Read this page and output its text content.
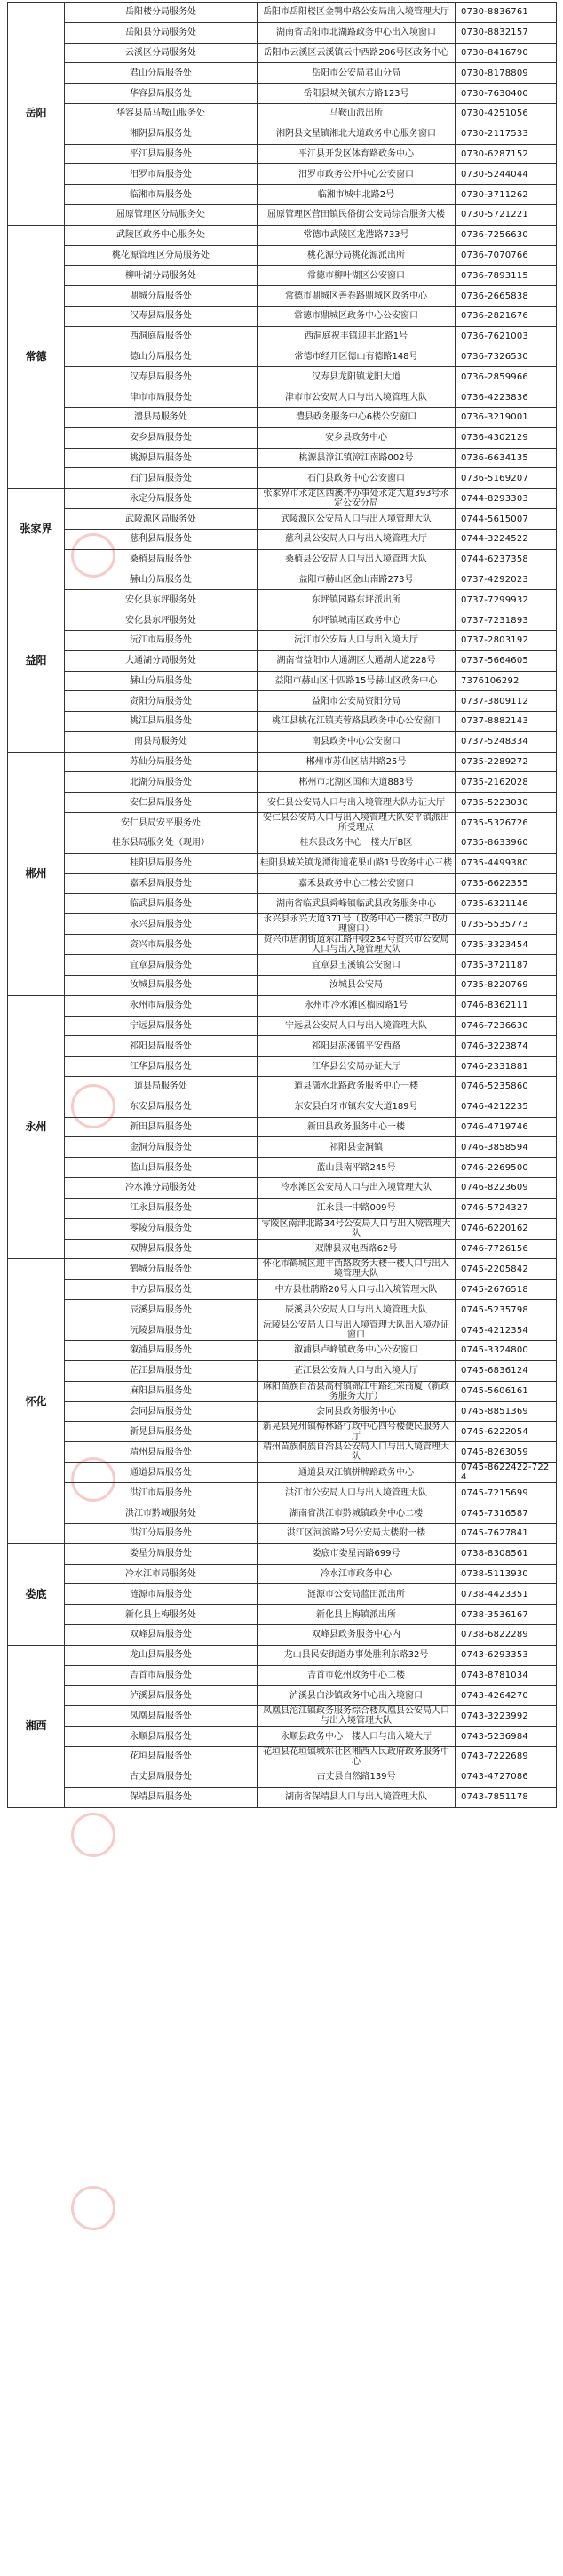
岳阳	岳阳楼分局服务处	岳阳市岳阳楼区金鹗中路公安局出入境管理大厅	0730-8836761
	岳阳县分局服务处	湖南省岳阳市北湖路政务中心出入境窗口	0730-8832157
	云溪区分局服务处	岳阳市云溪区云溪镇云中西路206号区政务中心	0730-8416790
	君山分局服务处	岳阳市公安局君山分局	0730-8178809
	华容县局服务处	岳阳县城关镇东方路123号	0730-7630400
	华容县局马鞍山服务处	马鞍山派出所	0730-4251056
	湘阴县局服务处	湘阴县文星镇湘北大道政务中心服务窗口	0730-2117533
	平江县局服务处	平江县开发区体育路政务中心	0730-6287152
	汨罗市局服务处	汨罗市政务公开中心公安窗口	0730-5244044
	临湘市局服务处	临湘市城中北路2号	0730-3711262
	屈原管理区分局服务处	屈原管理区营田镇民俗街公安局综合服务大楼	0730-5721221
常德	武陵区政务中心服务处	常德市武陵区龙港路733号	0736-7256630
	桃花源管理区分局服务处	桃花源分局桃花源派出所	0736-7070766
	柳叶湖分局服务处	常德市柳叶湖区公安窗口	0736-7893115
	鼎城分局服务处	常德市鼎城区善卷路鼎城区政务中心	0736-2665838
	汉寿县局服务处	常德市鼎城区政务中心公安窗口	0736-2821676
	西洞庭局服务处	西洞庭祝丰镇迎丰北路1号	0736-7621003
	德山分局服务处	常德市经开区德山有德路148号	0736-7326530
	汉寿县局服务处	汉寿县龙阳镇龙阳大道	0736-2859966
	津市市局服务处	津市市公安局人口与出入境管理大队	0736-4223836
	澧县局服务处	澧县政务服务中心6楼公安窗口	0736-3219001
	安乡县局服务处	安乡县政务中心	0736-4302129
	桃源县局服务处	桃源县漳江镇漳江南路002号	0736-6634135
	石门县局服务处	石门县政务中心公安窗口	0736-5169207
张家界	永定分局服务处	张家界市永定区西溪坪办事处永定大道393号永定公安分局	0744-8293303
	武陵源区局服务处	武陵源区公安局人口与出入境管理大队	0744-5615007
	慈利县局服务处	慈利县公安局人口与出入境管理大厅	0744-3224522
	桑植县局服务处	桑植县公安局人口与出入境管理大队	0744-6237358
益阳	赫山分局服务处	益阳市赫山区金山南路273号	0737-4292023
	安化县东坪服务处	东坪镇园路东坪派出所	0737-7299932
	安化县东坪服务处	东坪镇城南区政务中心	0737-7231893
	沅江市局服务处	沅江市公安局人口与出入境大厅	0737-2803192
	大通湖分局服务处	湖南省益阳市大通湖区大通湖大道228号	0737-5664605
	赫山分局服务处	益阳市赫山区十四路15号赫山区政务中心	7376106292
	资阳分局服务处	益阳市公安局资阳分局	0737-3809112
	桃江县局服务处	桃江县桃花江镇芙蓉路县政务中心公安窗口	0737-8882143
	南县局服务处	南县政务中心公安窗口	0737-5248334
郴州	苏仙分局服务处	郴州市苏仙区桔井路25号	0735-2289272
	北湖分局服务处	郴州市北湖区国和大道883号	0735-2162028
	安仁县局服务处	安仁县公安局人口与出入境管理大队办证大厅	0735-5223030
	安仁县局安平服务处	安仁县公安局人口与出入境管理大队安平镇派出所受理点	0735-5326726
	桂东县局服务处（现用）	桂东县政务中心一楼大厅B区	0735-8633960
	桂阳县局服务处	桂阳县城关镇龙潭街道花果山路1号政务中心三楼	0735-4499380
	嘉禾县局服务处	嘉禾县政务中心二楼公安窗口	0735-6622355
	临武县局服务处	湖南省临武县舜峰镇临武县政务服务中心	0735-6321146
	永兴县局服务处	永兴县永兴大道371号（政务中心一楼东户政办理窗口）	0735-5535773
	资兴市局服务处	资兴市唐洞街道东江路中段234号资兴市公安局人口与出入境管理大队	0735-3323454
	宜章县局服务处	宜章县玉溪镇公安窗口	0735-3721187
	汝城县局服务处	汝城县公安局	0735-8220769
永州	永州市局服务处	永州市冷水滩区榴园路1号	0746-8362111
	宁远县局服务处	宁远县公安局人口与出入境管理大队	0746-7236630
	祁阳县局服务处	祁阳县湛溪镇平安西路	0746-3223874
	江华县局服务处	江华县公安局办证大厅	0746-2331881
	道县局服务处	道县潇水北路政务服务中心一楼	0746-5235860
	东安县局服务处	东安县白牙市镇东安大道189号	0746-4212235
	新田县局服务处	新田县政务服务中心一楼	0746-4719746
	金洞分局服务处	祁阳县金洞镇	0746-3858594
	蓝山县局服务处	蓝山县南平路245号	0746-2269500
	冷水滩分局服务处	冷水滩区公安局人口与出入境管理大队	0746-8223609
	江永县局服务处	江永县一中路009号	0746-5724327
	零陵分局服务处	零陵区南津北路34号公安局人口与出入境管理大队	0746-6220162
	双牌县局服务处	双牌县双电西路62号	0746-7726156
怀化	鹤城分局服务处	怀化市鹤城区迎丰西路政务大楼一楼人口与出入境管理大队	0745-2205842
	中方县局服务处	中方县杜鹃路20号人口与出入境管理大队	0745-2676518
	辰溪县局服务处	辰溪县公安局人口与出入境管理大队	0745-5235798
	沅陵县局服务处	沅陵县公安局人口与出入境管理大队出入境办证窗口	0745-4212354
	溆浦县局服务处	溆浦县卢峰镇政务中心公安窗口	0745-3324800
	芷江县局服务处	芷江县公安局人口与出入境大厅	0745-6836124
	麻阳县局服务处	麻阳苗族自治县高村镇锦江中路红荣商厦（新政务服务大厅）	0745-5606161
	会同县局服务处	会同县政务服务中心	0745-8851369
	新晃县局服务处	新晃县晃州镇梅林路行政中心四号楼便民服务大厅	0745-6222054
	靖州县局服务处	靖州苗族侗族自治县公安局人口与出入境管理大队	0745-8263059
	通道县局服务处	通道县双江镇拼牌路政务中心	0745-8622422-7224
	洪江市局服务处	洪江市公安局人口与出入境管理大队	0745-7215699
	洪江市黔城服务处	湖南省洪江市黔城镇政务中心二楼	0745-7316587
	洪江分局服务处	洪江区河滨路2号公安局大楼附一楼	0745-7627841
娄底	娄星分局服务处	娄底市娄星南路699号	0738-8308561
	冷水江市局服务处	冷水江市政务中心	0738-5113930
	涟源市局服务处	涟源市公安局蓝田派出所	0738-4423351
	新化县上梅服务处	新化县上梅镇派出所	0738-3536167
	双峰县局服务处	双峰县政务服务中心内	0738-6822289
湘西	龙山县局服务处	龙山县民安街道办事处胜利东路32号	0743-6293353
	吉首市局服务处	吉首市乾州政务中心二楼	0743-8781034
	泸溪县局服务处	泸溪县白沙镇政务中心出入境窗口	0743-4264270
	凤凰县局服务处	凤凰县沱江镇政务服务综合楼凤凰县公安局人口与出入境管理大队	0743-3223992
	永顺县局服务处	永顺县政务中心一楼人口与出入境大厅	0743-5236984
	花垣县局服务处	花垣县花垣镇城东社区湘西人民政府政务服务中心	0743-7222689
	古丈县局服务处	古丈县自然路139号	0743-4727086
	保靖县局服务处	湖南省保靖县人口与出入境管理大队	0743-7851178
